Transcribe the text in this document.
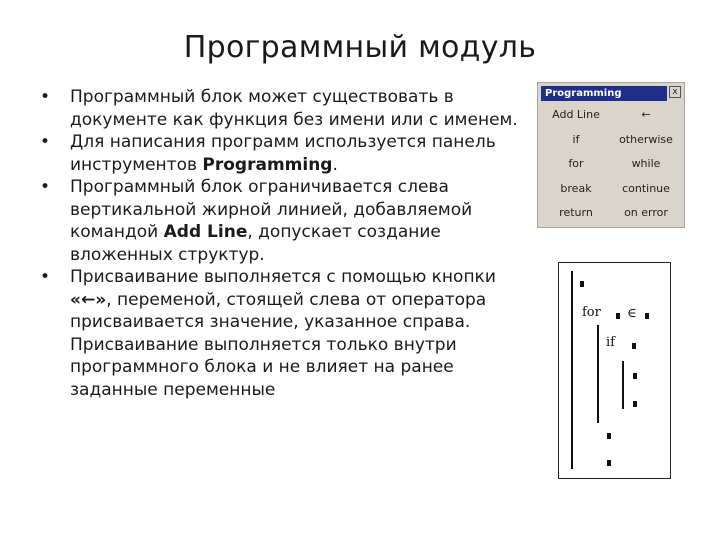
Программный модуль
• Программный блок может существовать в документе как функция без имени или с именем.
• Для написания программ используется панель инструментов Programming.
• Программный блок ограничивается слева вертикальной жирной линией, добавляемой командой Add Line, допускает создание вложенных структур.
• Присваивание выполняется с помощью кнопки «←», переменой, стоящей слева от оператора присваивается значение, указанное справа. Присваивание выполняется только внутри программного блока и не влияет на ранее заданные переменные
Programming	x
Add Line	←
if	otherwise
for	while
break	continue
return	on error
for ∈
if
